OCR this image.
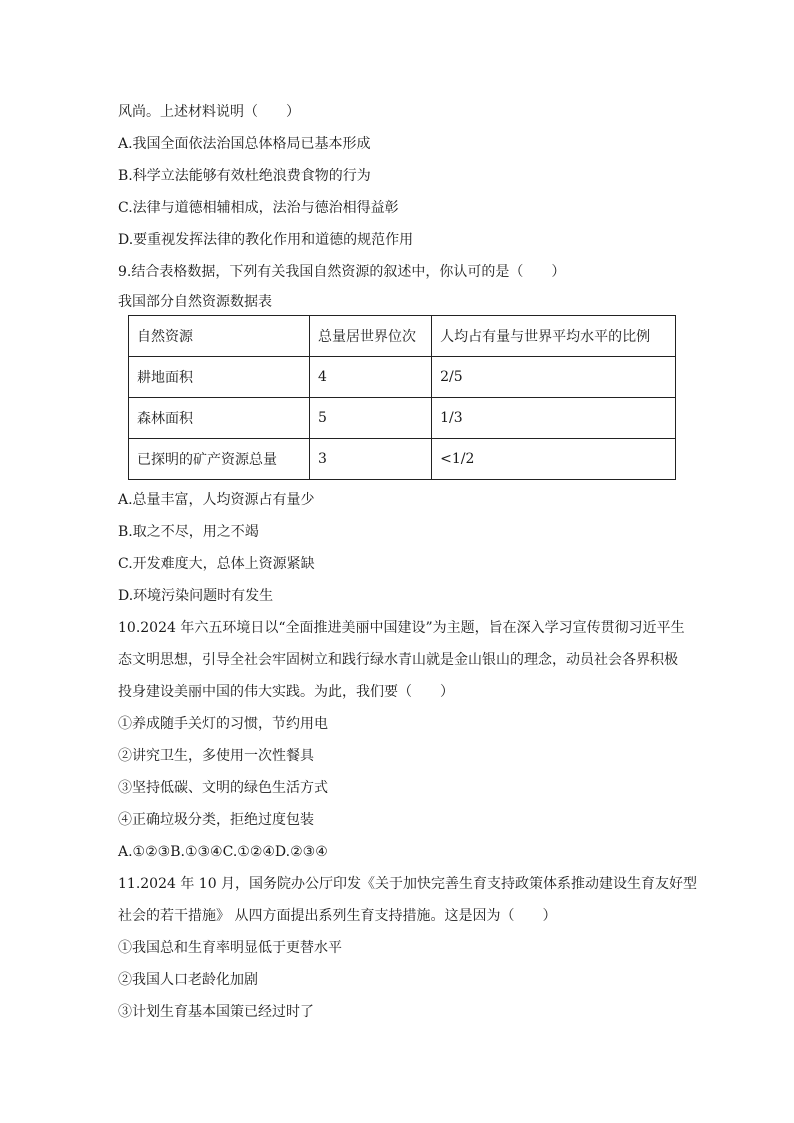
风尚。上述材料说明（　　）
A.我国全面依法治国总体格局已基本形成
B.科学立法能够有效杜绝浪费食物的行为
C.法律与道德相辅相成，法治与德治相得益彰
D.要重视发挥法律的教化作用和道德的规范作用
9.结合表格数据，下列有关我国自然资源的叙述中，你认可的是（　　）
我国部分自然资源数据表
自然资源	总量居世界位次	人均占有量与世界平均水平的比例
耕地面积	4	2/5
森林面积	5	1/3
已探明的矿产资源总量	3	<1/2
A.总量丰富，人均资源占有量少
B.取之不尽，用之不竭
C.开发难度大，总体上资源紧缺
D.环境污染问题时有发生
10.2024 年六五环境日以“全面推进美丽中国建设”为主题，旨在深入学习宣传贯彻习近平生
态文明思想，引导全社会牢固树立和践行绿水青山就是金山银山的理念，动员社会各界积极
投身建设美丽中国的伟大实践。为此，我们要（　　）
①养成随手关灯的习惯，节约用电
②讲究卫生，多使用一次性餐具
③坚持低碳、文明的绿色生活方式
④正确垃圾分类，拒绝过度包装
A.①②③B.①③④C.①②④D.②③④
11.2024 年 10 月，国务院办公厅印发《关于加快完善生育支持政策体系推动建设生育友好型
社会的若干措施》 从四方面提出系列生育支持措施。这是因为（　　）
①我国总和生育率明显低于更替水平
②我国人口老龄化加剧
③计划生育基本国策已经过时了
